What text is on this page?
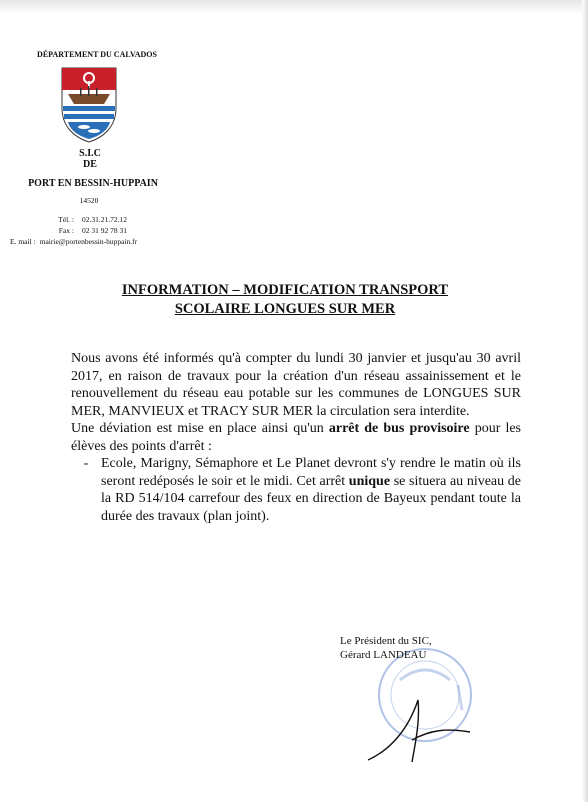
DÉPARTEMENT DU CALVADOS
S.I.C
DE
PORT EN BESSIN-HUPPAIN
14520
Tél. : 02.31.21.72.12
Fax : 02 31 92 78 31
E. mail : mairie@portenbessin-huppain.fr
INFORMATION – MODIFICATION TRANSPORT
SCOLAIRE LONGUES SUR MER

Nous avons été informés qu'à compter du lundi 30 janvier et jusqu'au 30 avril 2017, en raison de travaux pour la création d'un réseau assainissement et le renouvellement du réseau eau potable sur les communes de LONGUES SUR MER, MANVIEUX et TRACY SUR MER la circulation sera interdite.

Une déviation est mise en place ainsi qu'un arrêt de bus provisoire pour les élèves des points d'arrêt :

- Ecole, Marigny, Sémaphore et Le Planet devront s'y rendre le matin où ils seront redéposés le soir et le midi. Cet arrêt unique se situera au niveau de la RD 514/104 carrefour des feux en direction de Bayeux pendant toute la durée des travaux (plan joint).
Le Président du SIC,
Gérard LANDEAU
